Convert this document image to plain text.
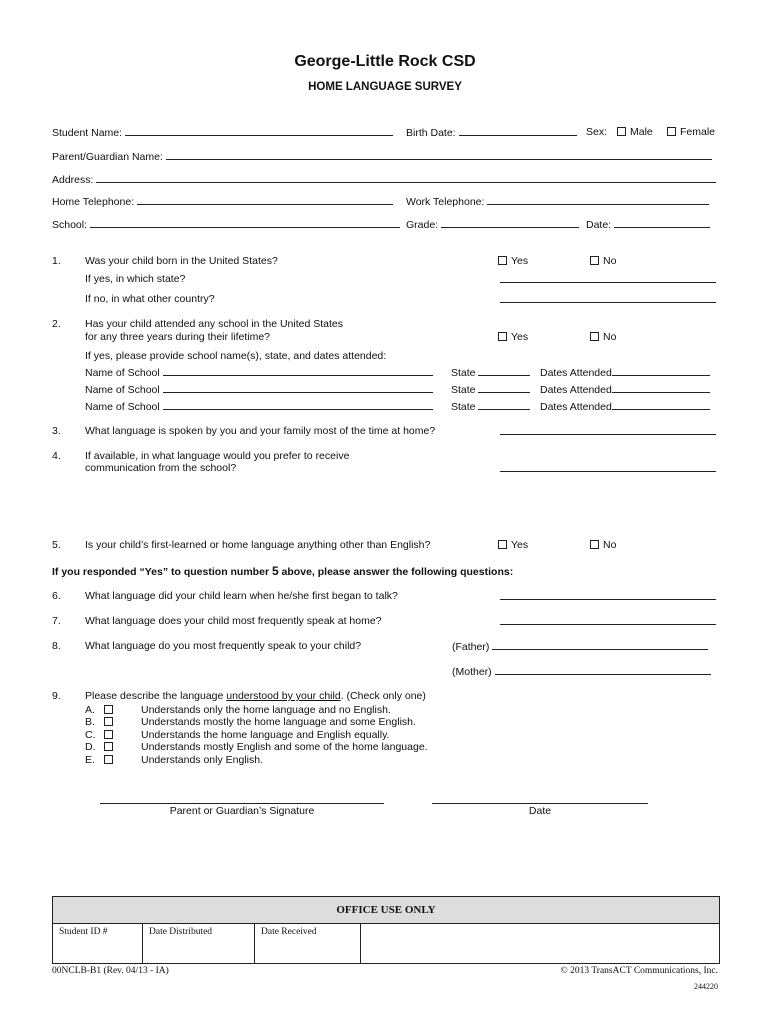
George-Little Rock CSD
HOME LANGUAGE SURVEY
Student Name:	Birth Date:	Sex:	Male	Female
Parent/Guardian Name:
Address:
Home Telephone:	Work Telephone:
School:	Grade:	Date:
1. Was your child born in the United States?	Yes	No
If yes, in which state?
If no, in what other country?
2. Has your child attended any school in the United States
for any three years during their lifetime?	Yes	No
If yes, please provide school name(s), state, and dates attended:
Name of School	State	Dates Attended
Name of School	State	Dates Attended
Name of School	State	Dates Attended
3. What language is spoken by you and your family most of the time at home?
4. If available, in what language would you prefer to receive
communication from the school?
5. Is your child’s first-learned or home language anything other than English?	Yes	No
If you responded “Yes” to question number 5 above, please answer the following questions:
6. What language did your child learn when he/she first began to talk?
7. What language does your child most frequently speak at home?
8. What language do you most frequently speak to your child?	(Father)
(Mother)
9. Please describe the language understood by your child. (Check only one)
A.	Understands only the home language and no English.
B.	Understands mostly the home language and some English.
C.	Understands the home language and English equally.
D.	Understands mostly English and some of the home language.
E.	Understands only English.
Parent or Guardian’s Signature	Date
OFFICE USE ONLY
Student ID #	Date Distributed	Date Received
00NCLB-B1 (Rev. 04/13 - IA)	© 2013 TransACT Communications, Inc.
244220
